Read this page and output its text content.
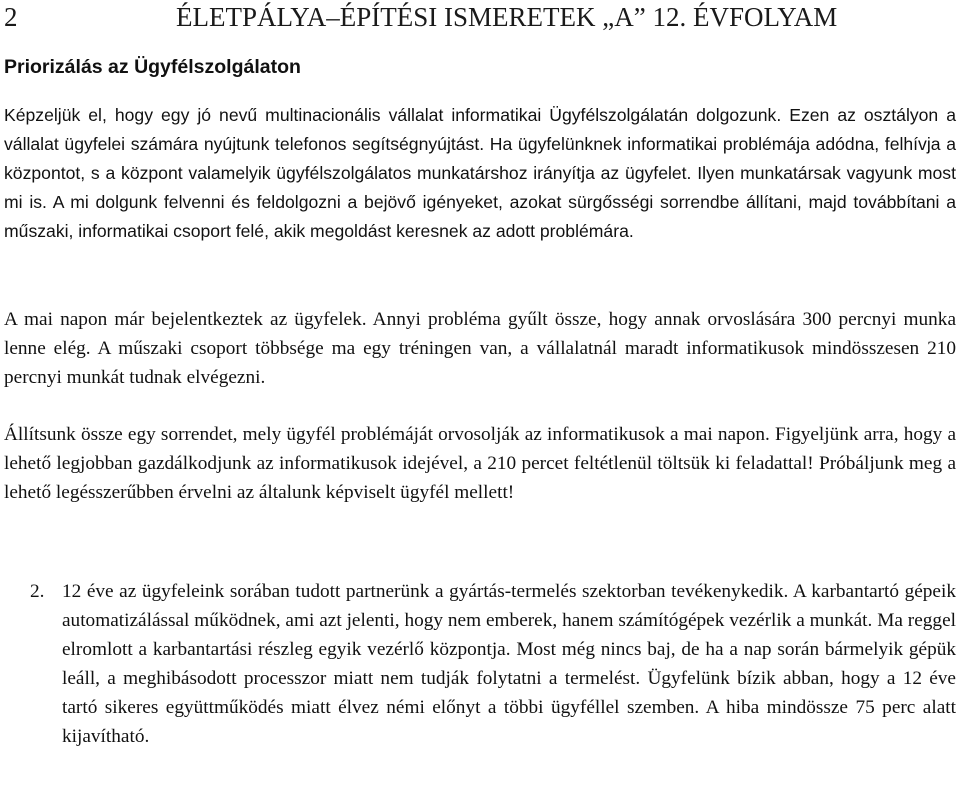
2	ÉLETPÁLYA–ÉPÍTÉSI ISMERETEK „A” 12. ÉVFOLYAM
Priorizálás az Ügyfélszolgálaton

Képzeljük el, hogy egy jó nevű multinacionális vállalat informatikai Ügyfélszolgálatán dolgozunk. Ezen az osztályon a vállalat ügyfelei számára nyújtunk telefonos segítségnyújtást. Ha ügyfelünknek informatikai problémája adódna, felhívja a központot, s a központ valamelyik ügyfélszolgálatos munkatárshoz irányítja az ügyfelet. Ilyen munkatársak vagyunk most mi is. A mi dolgunk felvenni és feldolgozni a bejövő igényeket, azokat sürgősségi sorrendbe állítani, majd továbbítani a műszaki, informatikai csoport felé, akik megoldást keresnek az adott problémára.

A mai napon már bejelentkeztek az ügyfelek. Annyi probléma gyűlt össze, hogy annak orvoslására 300 percnyi munka lenne elég. A műszaki csoport többsége ma egy tréningen van, a vállalatnál maradt informatikusok mindösszesen 210 percnyi munkát tudnak elvégezni.

Állítsunk össze egy sorrendet, mely ügyfél problémáját orvosolják az informatikusok a mai napon. Figyeljünk arra, hogy a lehető legjobban gazdálkodjunk az informatikusok idejével, a 210 percet feltétlenül töltsük ki feladattal! Próbáljunk meg a lehető legésszerűbben érvelni az általunk képviselt ügyfél mellett!

2. 12 éve az ügyfeleink sorában tudott partnerünk a gyártás-termelés szektorban tevékenykedik. A karbantartó gépeik automatizálással működnek, ami azt jelenti, hogy nem emberek, hanem számítógépek vezérlik a munkát. Ma reggel elromlott a karbantartási részleg egyik vezérlő központja. Most még nincs baj, de ha a nap során bármelyik gépük leáll, a meghibásodott processzor miatt nem tudják folytatni a termelést. Ügyfelünk bízik abban, hogy a 12 éve tartó sikeres együttműködés miatt élvez némi előnyt a többi ügyféllel szemben. A hiba mindössze 75 perc alatt kijavítható.
